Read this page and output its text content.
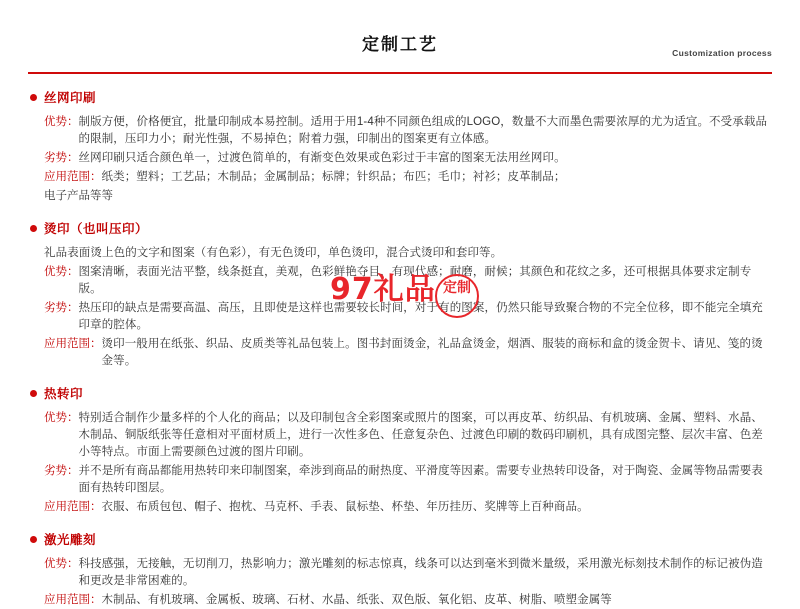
定制工艺	Customization process
丝网印刷
优势： 制版方便，价格便宜，批量印制成本易控制。适用于用1-4种不同颜色组成的LOGO，数量不大而墨色需要浓厚的尤为适宜。不受承载品的限制，压印力小；耐光性强，不易掉色；附着力强，印制出的图案更有立体感。
劣势： 丝网印刷只适合颜色单一，过渡色简单的，有渐变色效果或色彩过于丰富的图案无法用丝网印。
应用范围： 纸类；塑料；工艺品；木制品；金属制品；标牌；针织品；布匹；毛巾；衬衫；皮革制品；
电子产品等等
烫印（也叫压印）
礼品表面烫上色的文字和图案（有色彩），有无色烫印，单色烫印，混合式烫印和套印等。
优势： 图案清晰，表面光洁平整，线条挺直，美观，色彩鲜艳夺目，有现代感；耐磨，耐候；其颜色和花纹之多，还可根据具体要求定制专版。
劣势： 热压印的缺点是需要高温、高压，且即使是这样也需要较长时间，对于有的图案，仍然只能导致聚合物的不完全位移，即不能完全填充印章的腔体。
应用范围： 烫印一般用在纸张、织品、皮质类等礼品包装上。图书封面烫金，礼品盒烫金，烟酒、服装的商标和盒的烫金贺卡、请见、笺的烫金等。
热转印
优势： 特别适合制作少量多样的个人化的商品；以及印制包含全彩图案或照片的图案，可以再皮革、纺织品、有机玻璃、金属、塑料、水晶、木制品、铜版纸张等任意相对平面材质上，进行一次性多色、任意复杂色、过渡色印刷的数码印刷机，具有成图完整、层次丰富、色差小等特点。市面上需要颜色过渡的图片印刷。
劣势： 并不是所有商品都能用热转印来印制图案，牵涉到商品的耐热度、平滑度等因素。需要专业热转印设备，对于陶瓷、金属等物品需要表面有热转印图层。
应用范围： 衣服、布质包包、帽子、抱枕、马克杯、手表、鼠标垫、杯垫、年历挂历、奖牌等上百种商品。
激光雕刻
优势： 科技感强，无接触，无切削刀，热影响力；激光雕刻的标志惊真，线条可以达到毫米到微米量级，采用激光标刻技术制作的标记被伪造和更改是非常困难的。
应用范围： 木制品、有机玻璃、金属板、玻璃、石材、水晶、纸张、双色版、氧化铝、皮革、树脂、喷塑金属等
97礼品 定制
